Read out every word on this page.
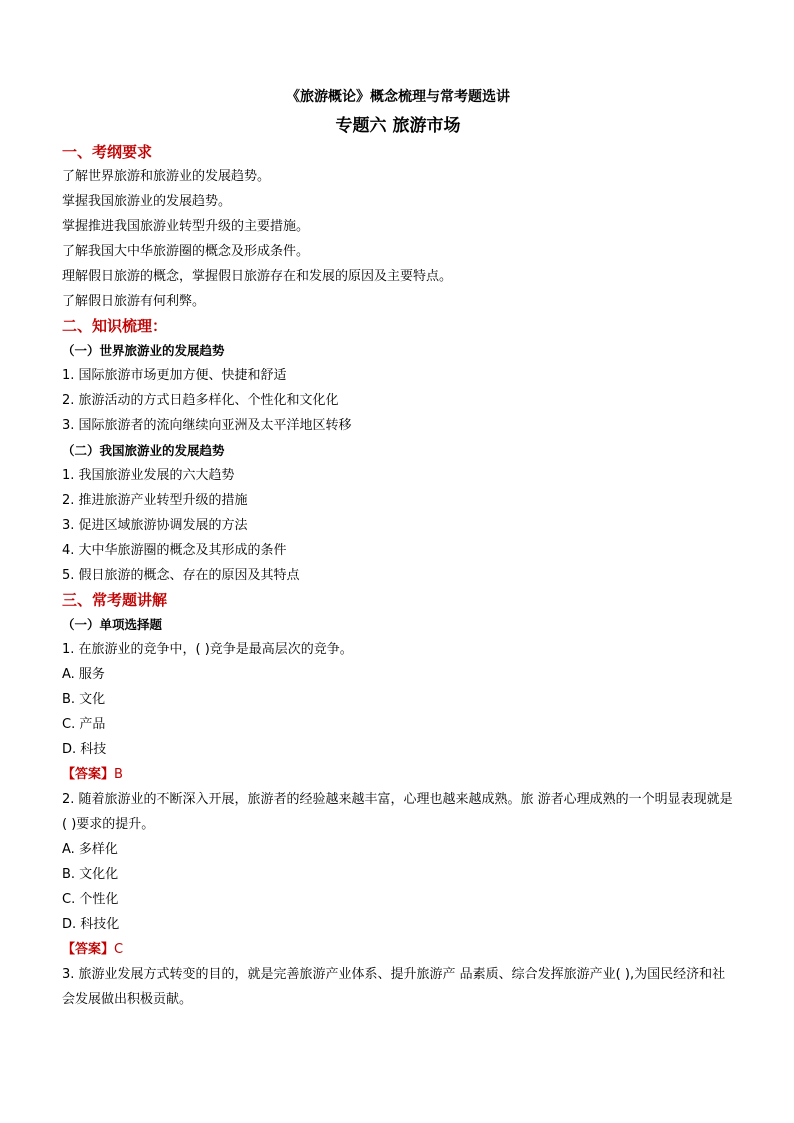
《旅游概论》概念梳理与常考题选讲
专题六 旅游市场
一、考纲要求
了解世界旅游和旅游业的发展趋势。
掌握我国旅游业的发展趋势。
掌握推进我国旅游业转型升级的主要措施。
了解我国大中华旅游圈的概念及形成条件。
理解假日旅游的概念，掌握假日旅游存在和发展的原因及主要特点。
了解假日旅游有何利弊。
二、知识梳理：
（一）世界旅游业的发展趋势
1. 国际旅游市场更加方便、快捷和舒适
2. 旅游活动的方式日趋多样化、个性化和文化化
3. 国际旅游者的流向继续向亚洲及太平洋地区转移
（二）我国旅游业的发展趋势
1. 我国旅游业发展的六大趋势
2. 推进旅游产业转型升级的措施
3. 促进区域旅游协调发展的方法
4. 大中华旅游圈的概念及其形成的条件
5. 假日旅游的概念、存在的原因及其特点
三、常考题讲解
（一）单项选择题
1. 在旅游业的竞争中，( )竞争是最高层次的竞争。
A. 服务
B. 文化
C. 产品
D. 科技
【答案】B
2. 随着旅游业的不断深入开展，旅游者的经验越来越丰富，心理也越来越成熟。旅 游者心理成熟的一个明显表现就是( )要求的提升。
A. 多样化
B. 文化化
C. 个性化
D. 科技化
【答案】C
3. 旅游业发展方式转变的目的，就是完善旅游产业体系、提升旅游产 品素质、综合发挥旅游产业( ),为国民经济和社会发展做出积极贡献。
